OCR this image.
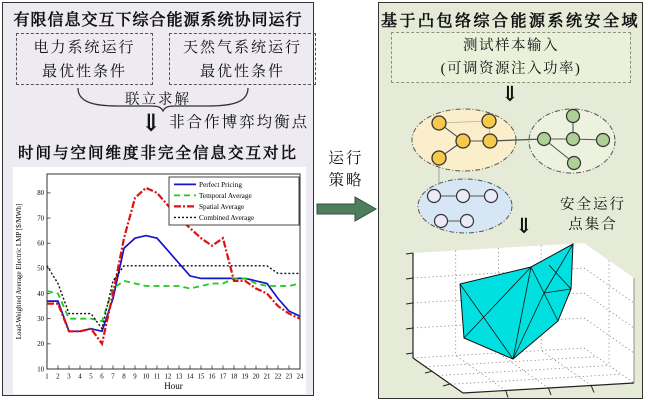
有限信息交互下综合能源系统协同运行
电力系统运行
最优性条件
天然气系统运行
最优性条件
联立求解
⇓ 非合作博弈均衡点
时间与空间维度非完全信息交互对比
10
20
30
40
50
60
70
80
1 2 3 4 5 6 7 8 9 10 11 12 13 14 15 16 17 18 19 20 21 22 23 24
Hour
Load-Weighted Average Electric LMP [$/MWh]
Perfect Pricing
Temporal Average
Spatial Average
Combined Average
运行
策略
基于凸包络综合能源系统安全域
测试样本输入
(可调资源注入功率)
⇓
⇓
安全运行
点集合
